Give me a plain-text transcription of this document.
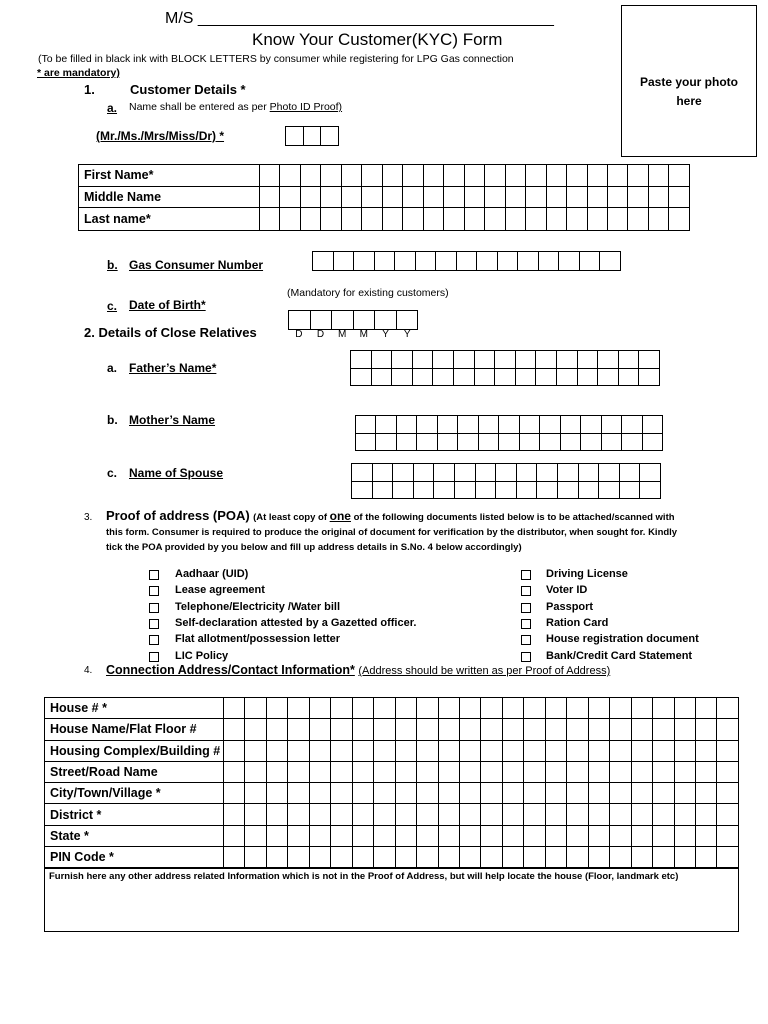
M/S ________________________________________
Know Your Customer(KYC) Form
(To be filled in black ink with BLOCK LETTERS by consumer while registering for LPG Gas connection
* are mandatory)
Paste your photo here
1.	Customer Details *
a. Name shall be entered as per Photo ID Proof)
(Mr./Ms./Mrs/Miss/Dr) *
First Name*
Middle Name
Last name*
b. Gas Consumer Number
(Mandatory for existing customers)
c. Date of Birth*
D	D	M	M	Y	Y
2. Details of Close Relatives
a. Father’s Name*
b. Mother’s Name
c. Name of Spouse
3. Proof of address (POA) (At least copy of one of the following documents listed below is to be attached/scanned with
this form. Consumer is required to produce the original of document for verification by the distributor, when sought for. Kindly
tick the POA provided by you below and fill up address details in S.No. 4 below accordingly)
Aadhaar (UID)
Lease agreement
Telephone/Electricity /Water bill
Self-declaration attested by a Gazetted officer.
Flat allotment/possession letter
LIC Policy
Driving License
Voter ID
Passport
Ration Card
House registration document
Bank/Credit Card Statement
4. Connection Address/Contact Information* (Address should be written as per Proof of Address)
House # *
House Name/Flat Floor #
Housing Complex/Building #
Street/Road Name
City/Town/Village *
District *
State *
PIN Code *
Furnish here any other address related Information which is not in the Proof of Address, but will help locate the house (Floor, landmark etc)
